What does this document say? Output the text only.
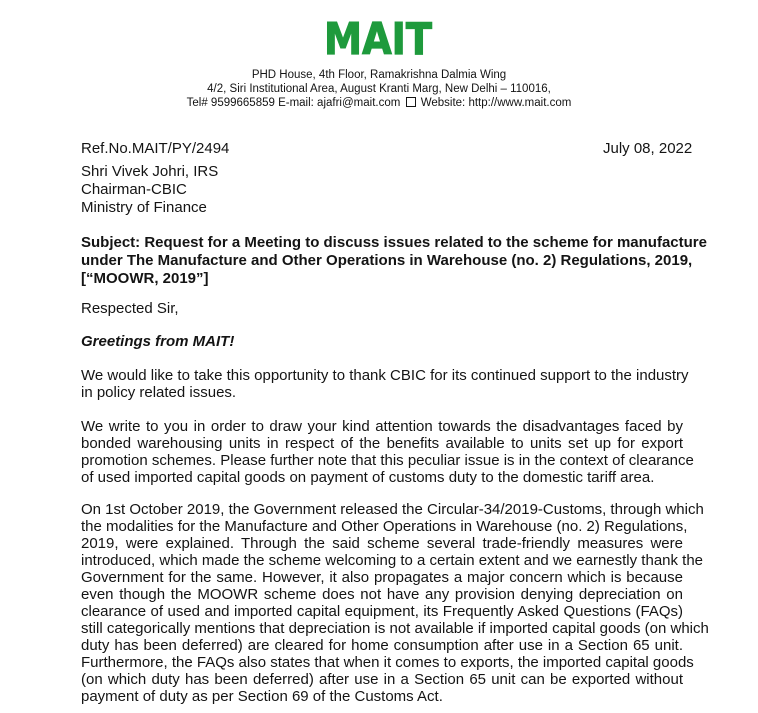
MAIT
PHD House, 4th Floor, Ramakrishna Dalmia Wing
4/2, Siri Institutional Area, August Kranti Marg, New Delhi – 110016,
Tel# 9599665859 E-mail: ajafri@mait.com Website: http://www.mait.com
Ref.No.MAIT/PY/2494	July 08, 2022
Shri Vivek Johri, IRS
Chairman-CBIC
Ministry of Finance
Subject: Request for a Meeting to discuss issues related to the scheme for manufacture
under The Manufacture and Other Operations in Warehouse (no. 2) Regulations, 2019,
[“MOOWR, 2019”]
Respected Sir,
Greetings from MAIT!
We would like to take this opportunity to thank CBIC for its continued support to the industry
in policy related issues.
We write to you in order to draw your kind attention towards the disadvantages faced by
bonded warehousing units in respect of the benefits available to units set up for export
promotion schemes. Please further note that this peculiar issue is in the context of clearance
of used imported capital goods on payment of customs duty to the domestic tariff area.
On 1st October 2019, the Government released the Circular-34/2019-Customs, through which
the modalities for the Manufacture and Other Operations in Warehouse (no. 2) Regulations,
2019, were explained. Through the said scheme several trade-friendly measures were
introduced, which made the scheme welcoming to a certain extent and we earnestly thank the
Government for the same. However, it also propagates a major concern which is because
even though the MOOWR scheme does not have any provision denying depreciation on
clearance of used and imported capital equipment, its Frequently Asked Questions (FAQs)
still categorically mentions that depreciation is not available if imported capital goods (on which
duty has been deferred) are cleared for home consumption after use in a Section 65 unit.
Furthermore, the FAQs also states that when it comes to exports, the imported capital goods
(on which duty has been deferred) after use in a Section 65 unit can be exported without
payment of duty as per Section 69 of the Customs Act.
